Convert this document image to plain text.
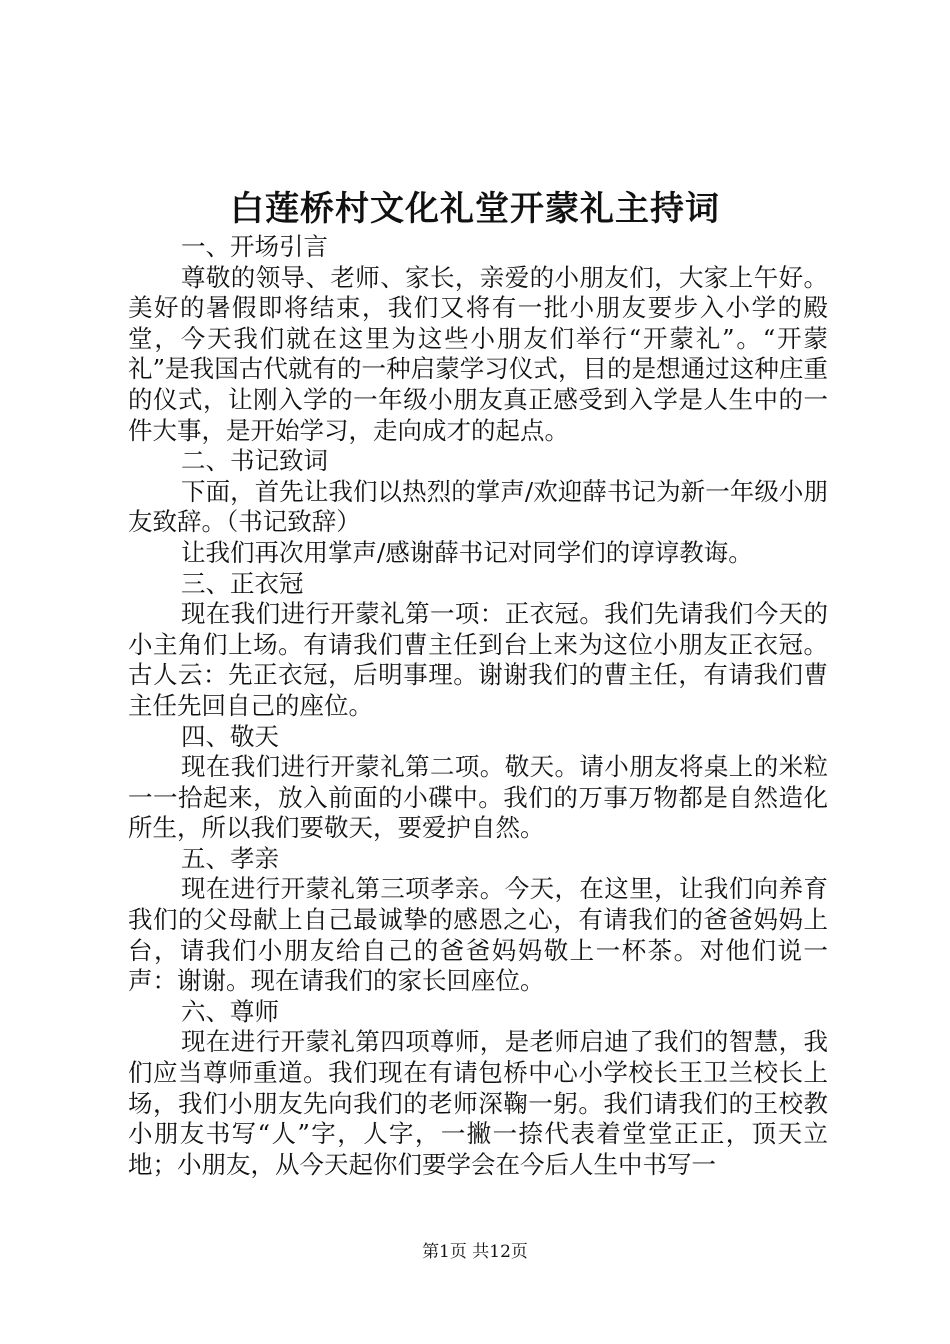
白莲桥村文化礼堂开蒙礼主持词
一、开场引言
尊敬的领导、老师、家长，亲爱的小朋友们，大家上午好。美好的暑假即将结束，我们又将有一批小朋友要步入小学的殿堂，今天我们就在这里为这些小朋友们举行“开蒙礼”。“开蒙礼”是我国古代就有的一种启蒙学习仪式，目的是想通过这种庄重的仪式，让刚入学的一年级小朋友真正感受到入学是人生中的一件大事，是开始学习，走向成才的起点。
二、书记致词
下面，首先让我们以热烈的掌声/欢迎薛书记为新一年级小朋友致辞。（书记致辞）
让我们再次用掌声/感谢薛书记对同学们的谆谆教诲。
三、正衣冠
现在我们进行开蒙礼第一项：正衣冠。我们先请我们今天的小主角们上场。有请我们曹主任到台上来为这位小朋友正衣冠。古人云：先正衣冠，后明事理。谢谢我们的曹主任，有请我们曹主任先回自己的座位。
四、敬天
现在我们进行开蒙礼第二项。敬天。请小朋友将桌上的米粒一一拾起来，放入前面的小碟中。我们的万事万物都是自然造化所生，所以我们要敬天，要爱护自然。
五、孝亲
现在进行开蒙礼第三项孝亲。今天，在这里，让我们向养育我们的父母献上自己最诚挚的感恩之心，有请我们的爸爸妈妈上台，请我们小朋友给自己的爸爸妈妈敬上一杯茶。对他们说一声：谢谢。现在请我们的家长回座位。
六、尊师
现在进行开蒙礼第四项尊师，是老师启迪了我们的智慧，我们应当尊师重道。我们现在有请包桥中心小学校长王卫兰校长上场，我们小朋友先向我们的老师深鞠一躬。我们请我们的王校教小朋友书写“人”字，人字，一撇一捺代表着堂堂正正，顶天立地；小朋友，从今天起你们要学会在今后人生中书写一
第1页 共12页
